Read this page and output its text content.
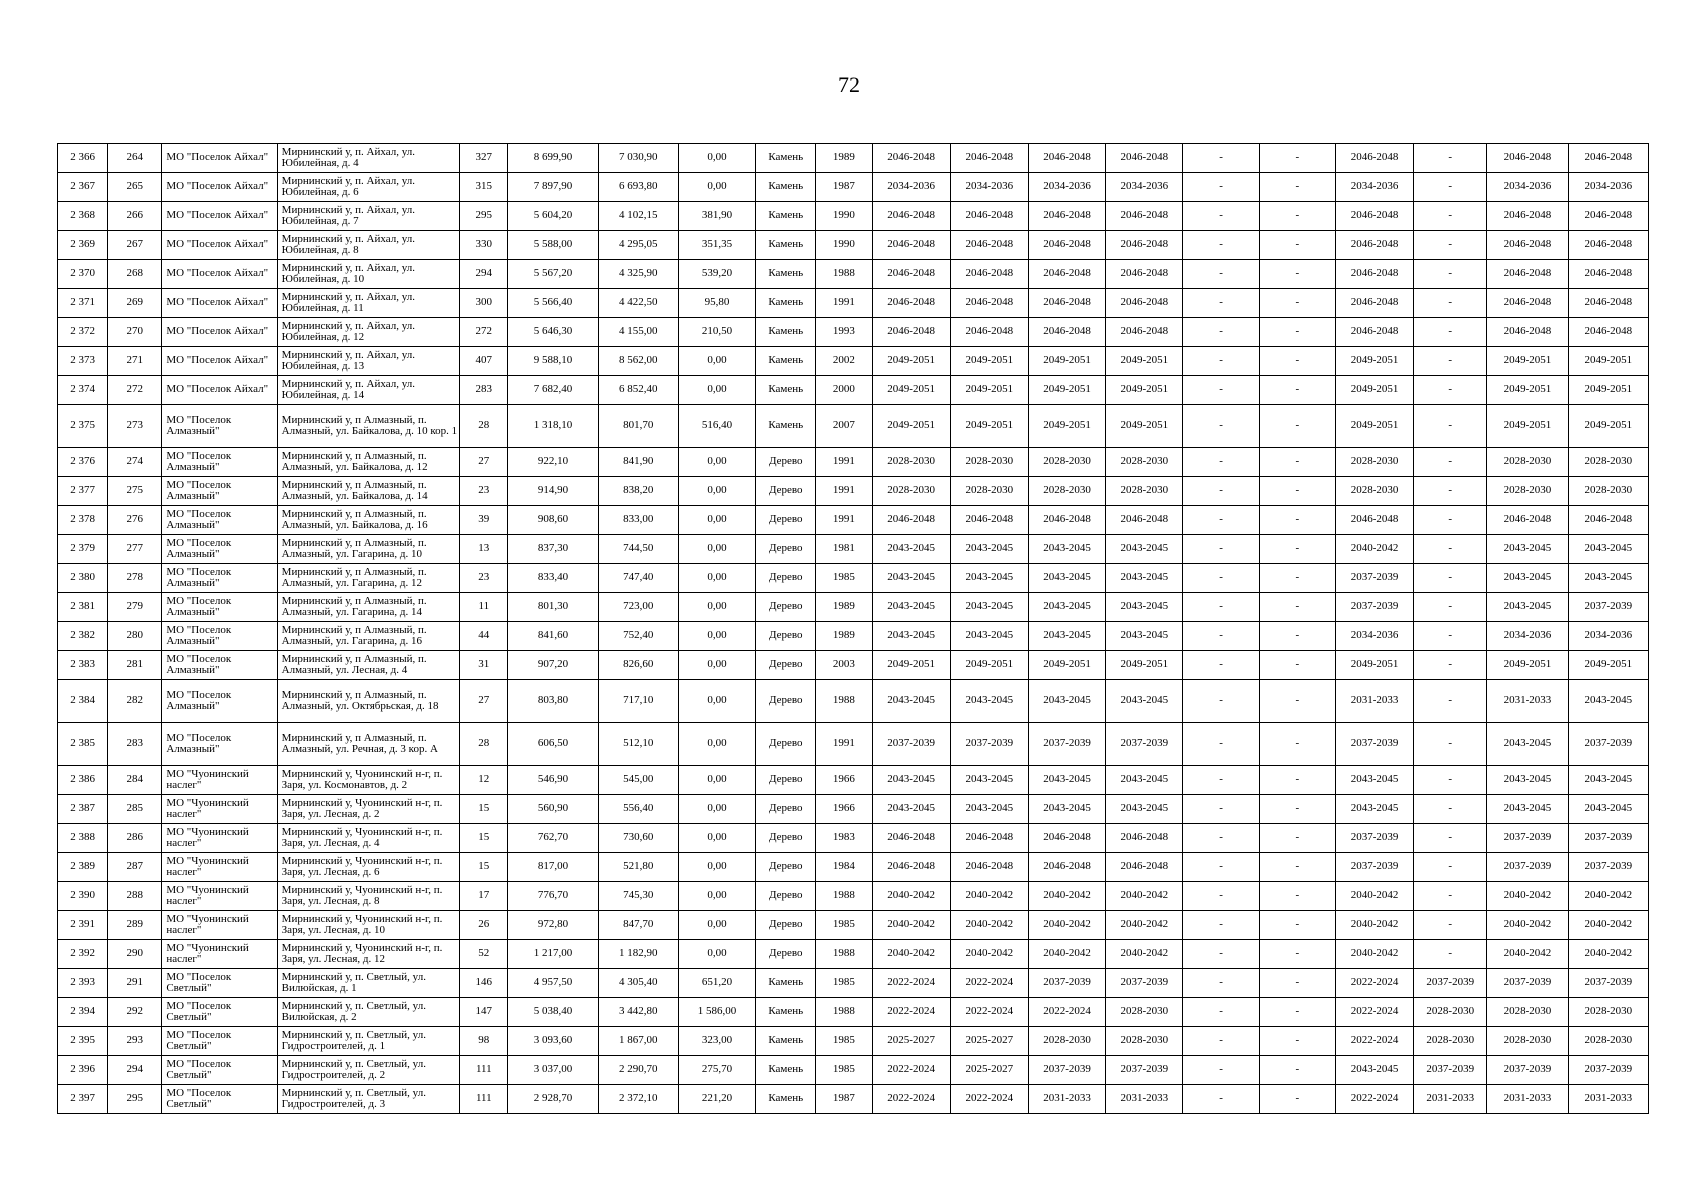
72
2 366	264	МО "Поселок Айхал"	Мирнинский у, п. Айхал, ул. Юбилейная, д. 4	327	8 699,90	7 030,90	0,00	Камень	1989	2046-2048	2046-2048	2046-2048	2046-2048	-	-	2046-2048	-	2046-2048	2046-2048
2 367	265	МО "Поселок Айхал"	Мирнинский у, п. Айхал, ул. Юбилейная, д. 6	315	7 897,90	6 693,80	0,00	Камень	1987	2034-2036	2034-2036	2034-2036	2034-2036	-	-	2034-2036	-	2034-2036	2034-2036
2 368	266	МО "Поселок Айхал"	Мирнинский у, п. Айхал, ул. Юбилейная, д. 7	295	5 604,20	4 102,15	381,90	Камень	1990	2046-2048	2046-2048	2046-2048	2046-2048	-	-	2046-2048	-	2046-2048	2046-2048
2 369	267	МО "Поселок Айхал"	Мирнинский у, п. Айхал, ул. Юбилейная, д. 8	330	5 588,00	4 295,05	351,35	Камень	1990	2046-2048	2046-2048	2046-2048	2046-2048	-	-	2046-2048	-	2046-2048	2046-2048
2 370	268	МО "Поселок Айхал"	Мирнинский у, п. Айхал, ул. Юбилейная, д. 10	294	5 567,20	4 325,90	539,20	Камень	1988	2046-2048	2046-2048	2046-2048	2046-2048	-	-	2046-2048	-	2046-2048	2046-2048
2 371	269	МО "Поселок Айхал"	Мирнинский у, п. Айхал, ул. Юбилейная, д. 11	300	5 566,40	4 422,50	95,80	Камень	1991	2046-2048	2046-2048	2046-2048	2046-2048	-	-	2046-2048	-	2046-2048	2046-2048
2 372	270	МО "Поселок Айхал"	Мирнинский у, п. Айхал, ул. Юбилейная, д. 12	272	5 646,30	4 155,00	210,50	Камень	1993	2046-2048	2046-2048	2046-2048	2046-2048	-	-	2046-2048	-	2046-2048	2046-2048
2 373	271	МО "Поселок Айхал"	Мирнинский у, п. Айхал, ул. Юбилейная, д. 13	407	9 588,10	8 562,00	0,00	Камень	2002	2049-2051	2049-2051	2049-2051	2049-2051	-	-	2049-2051	-	2049-2051	2049-2051
2 374	272	МО "Поселок Айхал"	Мирнинский у, п. Айхал, ул. Юбилейная, д. 14	283	7 682,40	6 852,40	0,00	Камень	2000	2049-2051	2049-2051	2049-2051	2049-2051	-	-	2049-2051	-	2049-2051	2049-2051
2 375	273	МО "Поселок Алмазный"	Мирнинский у, п Алмазный, п. Алмазный, ул. Байкалова, д. 10 кор. 1	28	1 318,10	801,70	516,40	Камень	2007	2049-2051	2049-2051	2049-2051	2049-2051	-	-	2049-2051	-	2049-2051	2049-2051
2 376	274	МО "Поселок Алмазный"	Мирнинский у, п Алмазный, п. Алмазный, ул. Байкалова, д. 12	27	922,10	841,90	0,00	Дерево	1991	2028-2030	2028-2030	2028-2030	2028-2030	-	-	2028-2030	-	2028-2030	2028-2030
2 377	275	МО "Поселок Алмазный"	Мирнинский у, п Алмазный, п. Алмазный, ул. Байкалова, д. 14	23	914,90	838,20	0,00	Дерево	1991	2028-2030	2028-2030	2028-2030	2028-2030	-	-	2028-2030	-	2028-2030	2028-2030
2 378	276	МО "Поселок Алмазный"	Мирнинский у, п Алмазный, п. Алмазный, ул. Байкалова, д. 16	39	908,60	833,00	0,00	Дерево	1991	2046-2048	2046-2048	2046-2048	2046-2048	-	-	2046-2048	-	2046-2048	2046-2048
2 379	277	МО "Поселок Алмазный"	Мирнинский у, п Алмазный, п. Алмазный, ул. Гагарина, д. 10	13	837,30	744,50	0,00	Дерево	1981	2043-2045	2043-2045	2043-2045	2043-2045	-	-	2040-2042	-	2043-2045	2043-2045
2 380	278	МО "Поселок Алмазный"	Мирнинский у, п Алмазный, п. Алмазный, ул. Гагарина, д. 12	23	833,40	747,40	0,00	Дерево	1985	2043-2045	2043-2045	2043-2045	2043-2045	-	-	2037-2039	-	2043-2045	2043-2045
2 381	279	МО "Поселок Алмазный"	Мирнинский у, п Алмазный, п. Алмазный, ул. Гагарина, д. 14	11	801,30	723,00	0,00	Дерево	1989	2043-2045	2043-2045	2043-2045	2043-2045	-	-	2037-2039	-	2043-2045	2037-2039
2 382	280	МО "Поселок Алмазный"	Мирнинский у, п Алмазный, п. Алмазный, ул. Гагарина, д. 16	44	841,60	752,40	0,00	Дерево	1989	2043-2045	2043-2045	2043-2045	2043-2045	-	-	2034-2036	-	2034-2036	2034-2036
2 383	281	МО "Поселок Алмазный"	Мирнинский у, п Алмазный, п. Алмазный, ул. Лесная, д. 4	31	907,20	826,60	0,00	Дерево	2003	2049-2051	2049-2051	2049-2051	2049-2051	-	-	2049-2051	-	2049-2051	2049-2051
2 384	282	МО "Поселок Алмазный"	Мирнинский у, п Алмазный, п. Алмазный, ул. Октябрьская, д. 18	27	803,80	717,10	0,00	Дерево	1988	2043-2045	2043-2045	2043-2045	2043-2045	-	-	2031-2033	-	2031-2033	2043-2045
2 385	283	МО "Поселок Алмазный"	Мирнинский у, п Алмазный, п. Алмазный, ул. Речная, д. 3 кор. А	28	606,50	512,10	0,00	Дерево	1991	2037-2039	2037-2039	2037-2039	2037-2039	-	-	2037-2039	-	2043-2045	2037-2039
2 386	284	МО "Чуонинский наслег"	Мирнинский у, Чуонинский н-г, п. Заря, ул. Космонавтов, д. 2	12	546,90	545,00	0,00	Дерево	1966	2043-2045	2043-2045	2043-2045	2043-2045	-	-	2043-2045	-	2043-2045	2043-2045
2 387	285	МО "Чуонинский наслег"	Мирнинский у, Чуонинский н-г, п. Заря, ул. Лесная, д. 2	15	560,90	556,40	0,00	Дерево	1966	2043-2045	2043-2045	2043-2045	2043-2045	-	-	2043-2045	-	2043-2045	2043-2045
2 388	286	МО "Чуонинский наслег"	Мирнинский у, Чуонинский н-г, п. Заря, ул. Лесная, д. 4	15	762,70	730,60	0,00	Дерево	1983	2046-2048	2046-2048	2046-2048	2046-2048	-	-	2037-2039	-	2037-2039	2037-2039
2 389	287	МО "Чуонинский наслег"	Мирнинский у, Чуонинский н-г, п. Заря, ул. Лесная, д. 6	15	817,00	521,80	0,00	Дерево	1984	2046-2048	2046-2048	2046-2048	2046-2048	-	-	2037-2039	-	2037-2039	2037-2039
2 390	288	МО "Чуонинский наслег"	Мирнинский у, Чуонинский н-г, п. Заря, ул. Лесная, д. 8	17	776,70	745,30	0,00	Дерево	1988	2040-2042	2040-2042	2040-2042	2040-2042	-	-	2040-2042	-	2040-2042	2040-2042
2 391	289	МО "Чуонинский наслег"	Мирнинский у, Чуонинский н-г, п. Заря, ул. Лесная, д. 10	26	972,80	847,70	0,00	Дерево	1985	2040-2042	2040-2042	2040-2042	2040-2042	-	-	2040-2042	-	2040-2042	2040-2042
2 392	290	МО "Чуонинский наслег"	Мирнинский у, Чуонинский н-г, п. Заря, ул. Лесная, д. 12	52	1 217,00	1 182,90	0,00	Дерево	1988	2040-2042	2040-2042	2040-2042	2040-2042	-	-	2040-2042	-	2040-2042	2040-2042
2 393	291	МО "Поселок Светлый"	Мирнинский у, п. Светлый, ул. Вилюйская, д. 1	146	4 957,50	4 305,40	651,20	Камень	1985	2022-2024	2022-2024	2037-2039	2037-2039	-	-	2022-2024	2037-2039	2037-2039	2037-2039
2 394	292	МО "Поселок Светлый"	Мирнинский у, п. Светлый, ул. Вилюйская, д. 2	147	5 038,40	3 442,80	1 586,00	Камень	1988	2022-2024	2022-2024	2022-2024	2028-2030	-	-	2022-2024	2028-2030	2028-2030	2028-2030
2 395	293	МО "Поселок Светлый"	Мирнинский у, п. Светлый, ул. Гидростроителей, д. 1	98	3 093,60	1 867,00	323,00	Камень	1985	2025-2027	2025-2027	2028-2030	2028-2030	-	-	2022-2024	2028-2030	2028-2030	2028-2030
2 396	294	МО "Поселок Светлый"	Мирнинский у, п. Светлый, ул. Гидростроителей, д. 2	111	3 037,00	2 290,70	275,70	Камень	1985	2022-2024	2025-2027	2037-2039	2037-2039	-	-	2043-2045	2037-2039	2037-2039	2037-2039
2 397	295	МО "Поселок Светлый"	Мирнинский у, п. Светлый, ул. Гидростроителей, д. 3	111	2 928,70	2 372,10	221,20	Камень	1987	2022-2024	2022-2024	2031-2033	2031-2033	-	-	2022-2024	2031-2033	2031-2033	2031-2033
